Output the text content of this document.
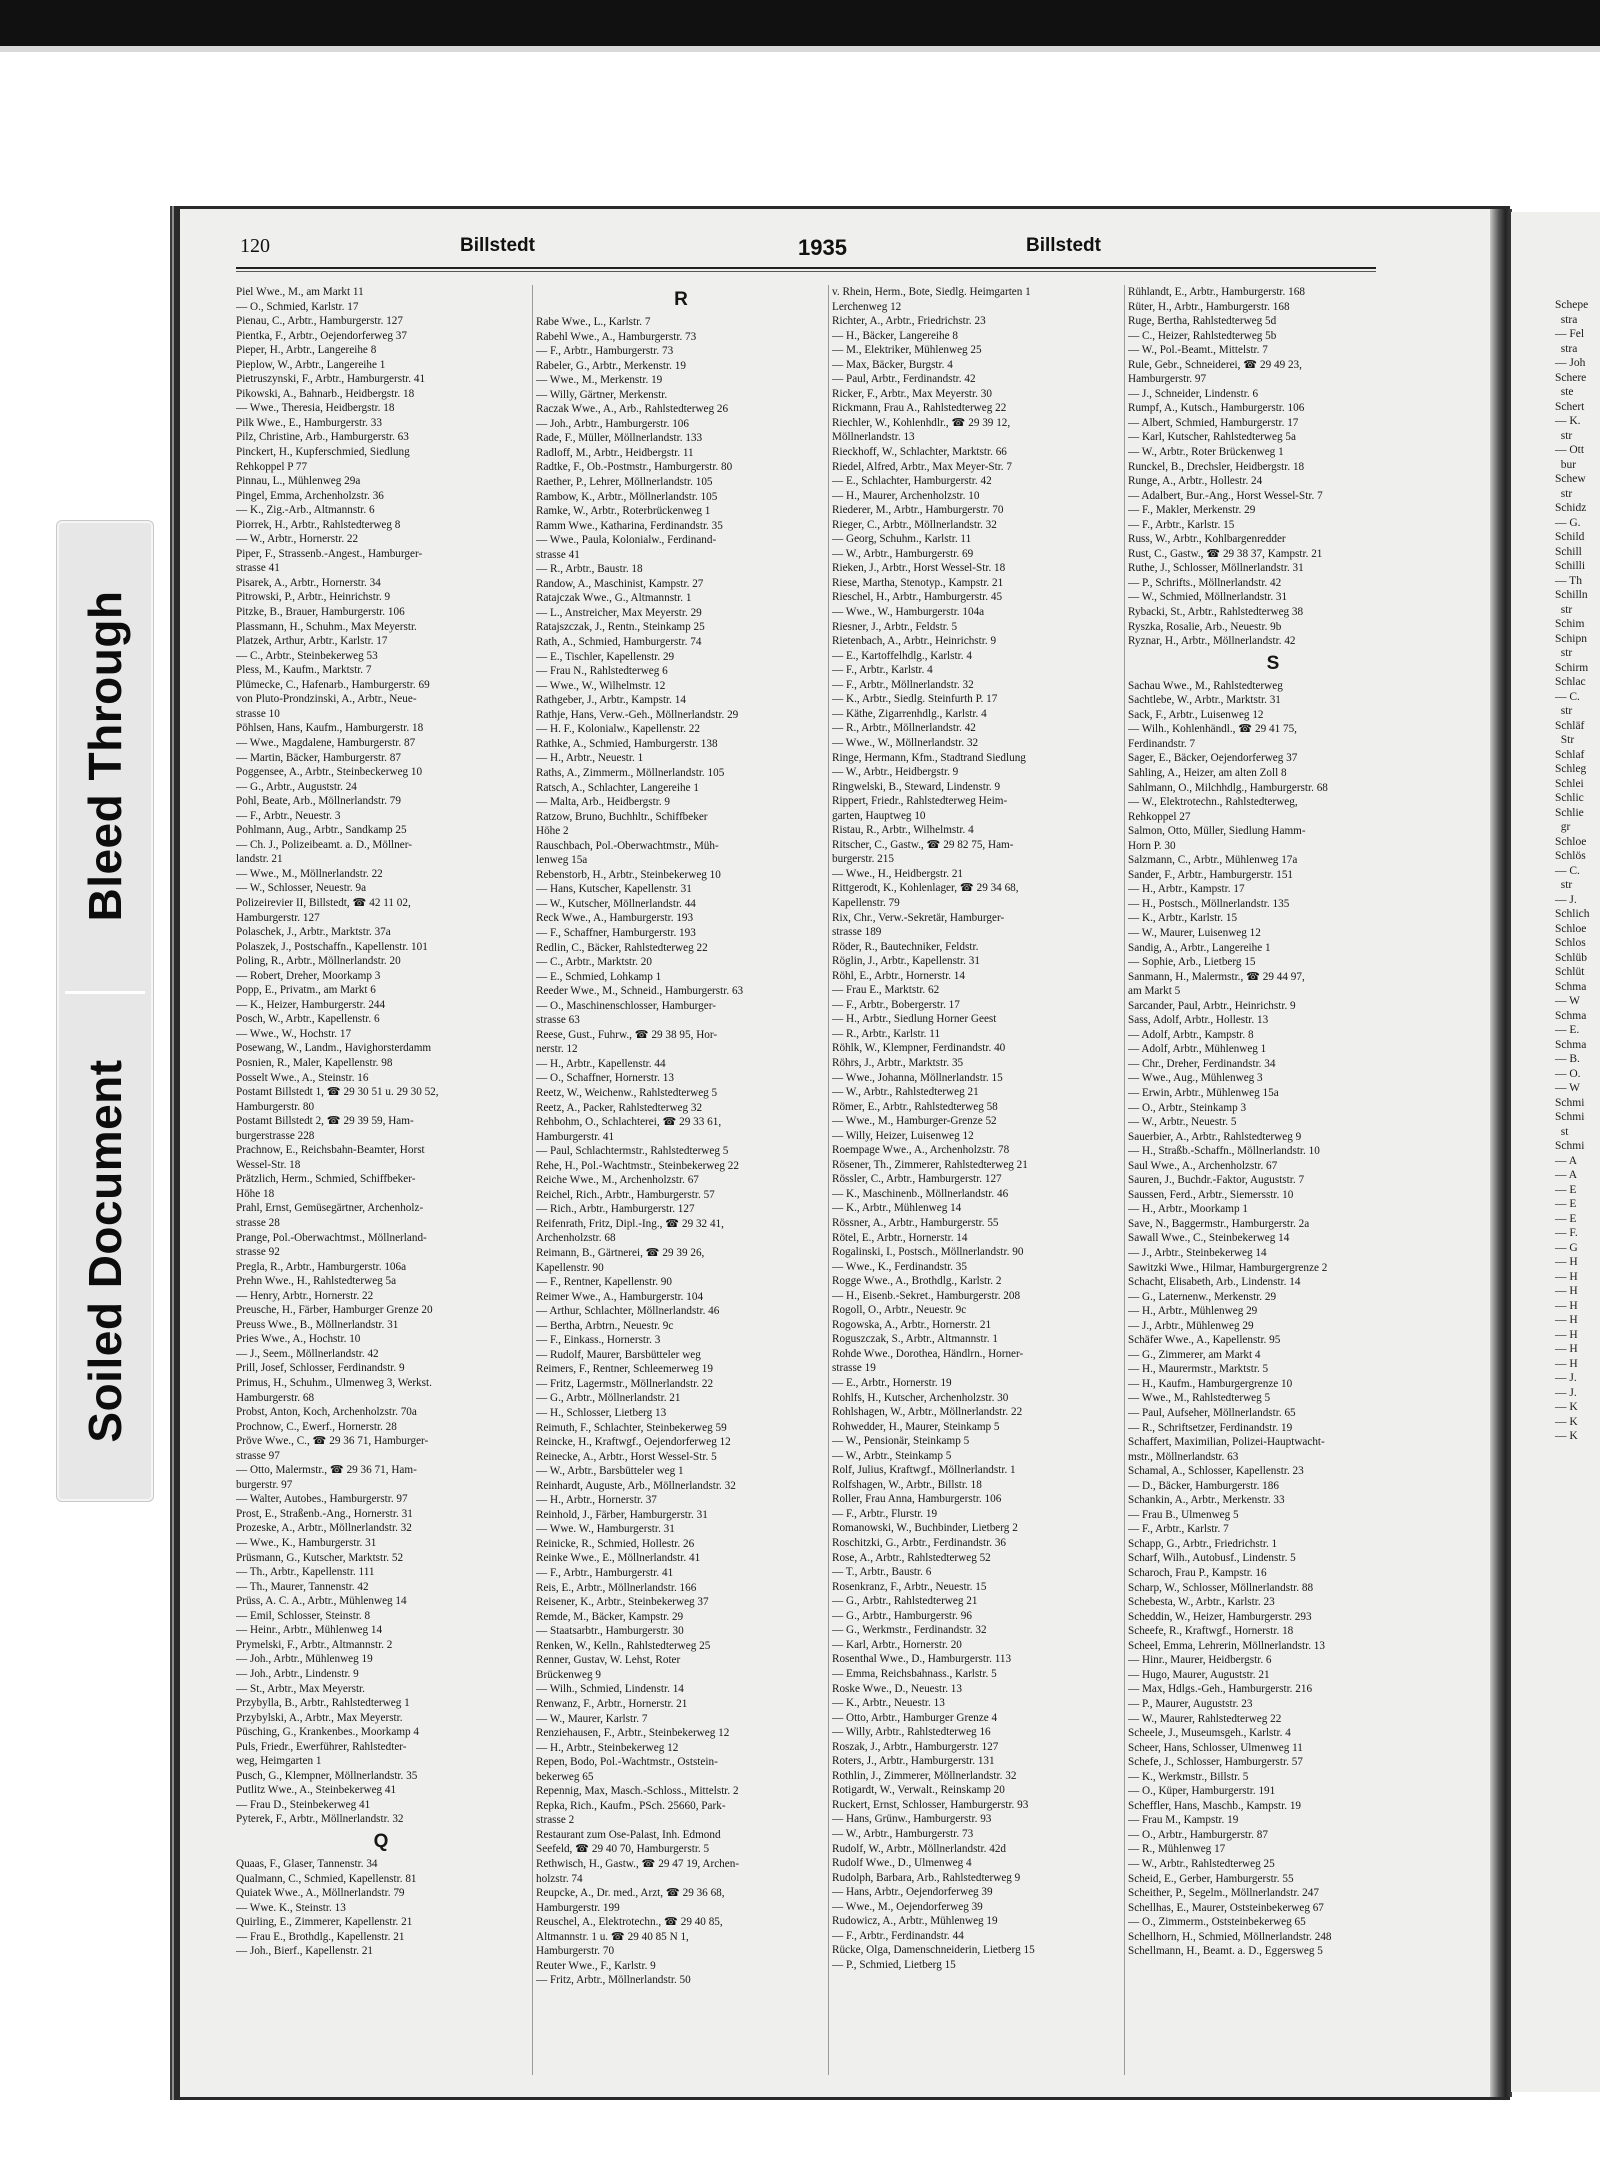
Bleed Through
Soiled Document
120	Billstedt	1935	Billstedt
Piel Wwe., M., am Markt 11
— O., Schmied, Karlstr. 17
Pienau, C., Arbtr., Hamburgerstr. 127
Pientka, F., Arbtr., Oejendorferweg 37
Pieper, H., Arbtr., Langereihe 8
Pieplow, W., Arbtr., Langereihe 1
Pietruszynski, F., Arbtr., Hamburgerstr. 41
Pikowski, A., Bahnarb., Heidbergstr. 18
— Wwe., Theresia, Heidbergstr. 18
Pilk Wwe., E., Hamburgerstr. 33
Pilz, Christine, Arb., Hamburgerstr. 63
Pinckert, H., Kupferschmied, Siedlung
Rehkoppel P 77
Pinnau, L., Mühlenweg 29a
Pingel, Emma, Archenholzstr. 36
— K., Zig.-Arb., Altmannstr. 6
Piorrek, H., Arbtr., Rahlstedterweg 8
— W., Arbtr., Hornerstr. 22
Piper, F., Strassenb.-Angest., Hamburger-
strasse 41
Pisarek, A., Arbtr., Hornerstr. 34
Pitrowski, P., Arbtr., Heinrichstr. 9
Pitzke, B., Brauer, Hamburgerstr. 106
Plassmann, H., Schuhm., Max Meyerstr.
Platzek, Arthur, Arbtr., Karlstr. 17
— C., Arbtr., Steinbekerweg 53
Pless, M., Kaufm., Marktstr. 7
Plümecke, C., Hafenarb., Hamburgerstr. 69
von Pluto-Prondzinski, A., Arbtr., Neue-
strasse 10
Pöhlsen, Hans, Kaufm., Hamburgerstr. 18
— Wwe., Magdalene, Hamburgerstr. 87
— Martin, Bäcker, Hamburgerstr. 87
Poggensee, A., Arbtr., Steinbeckerweg 10
— G., Arbtr., Auguststr. 24
Pohl, Beate, Arb., Möllnerlandstr. 79
— F., Arbtr., Neuestr. 3
Pohlmann, Aug., Arbtr., Sandkamp 25
— Ch. J., Polizeibeamt. a. D., Möllner-
landstr. 21
— Wwe., M., Möllnerlandstr. 22
— W., Schlosser, Neuestr. 9a
Polizeirevier II, Billstedt, ☎ 42 11 02,
Hamburgerstr. 127
Polaschek, J., Arbtr., Marktstr. 37a
Polaszek, J., Postschaffn., Kapellenstr. 101
Poling, R., Arbtr., Möllnerlandstr. 20
— Robert, Dreher, Moorkamp 3
Popp, E., Privatm., am Markt 6
— K., Heizer, Hamburgerstr. 244
Posch, W., Arbtr., Kapellenstr. 6
— Wwe., W., Hochstr. 17
Posewang, W., Landm., Havighorsterdamm
Posnien, R., Maler, Kapellenstr. 98
Posselt Wwe., A., Steinstr. 16
Postamt Billstedt 1, ☎ 29 30 51 u. 29 30 52,
Hamburgerstr. 80
Postamt Billstedt 2, ☎ 29 39 59, Ham-
burgerstrasse 228
Prachnow, E., Reichsbahn-Beamter, Horst
Wessel-Str. 18
Prätzlich, Herm., Schmied, Schiffbeker-
Höhe 18
Prahl, Ernst, Gemüsegärtner, Archenholz-
strasse 28
Prange, Pol.-Oberwachtmst., Möllnerland-
strasse 92
Pregla, R., Arbtr., Hamburgerstr. 106a
Prehn Wwe., H., Rahlstedterweg 5a
— Henry, Arbtr., Hornerstr. 22
Preusche, H., Färber, Hamburger Grenze 20
Preuss Wwe., B., Möllnerlandstr. 31
Pries Wwe., A., Hochstr. 10
— J., Seem., Möllnerlandstr. 42
Prill, Josef, Schlosser, Ferdinandstr. 9
Primus, H., Schuhm., Ulmenweg 3, Werkst.
Hamburgerstr. 68
Probst, Anton, Koch, Archenholzstr. 70a
Prochnow, C., Ewerf., Hornerstr. 28
Pröve Wwe., C., ☎ 29 36 71, Hamburger-
strasse 97
— Otto, Malermstr., ☎ 29 36 71, Ham-
burgerstr. 97
— Walter, Autobes., Hamburgerstr. 97
Prost, E., Straßenb.-Ang., Hornerstr. 31
Prozeske, A., Arbtr., Möllnerlandstr. 32
— Wwe., K., Hamburgerstr. 31
Prüsmann, G., Kutscher, Marktstr. 52
— Th., Arbtr., Kapellenstr. 111
— Th., Maurer, Tannenstr. 42
Prüss, A. C. A., Arbtr., Mühlenweg 14
— Emil, Schlosser, Steinstr. 8
— Heinr., Arbtr., Mühlenweg 14
Prymelski, F., Arbtr., Altmannstr. 2
— Joh., Arbtr., Mühlenweg 19
— Joh., Arbtr., Lindenstr. 9
— St., Arbtr., Max Meyerstr.
Przybylla, B., Arbtr., Rahlstedterweg 1
Przybylski, A., Arbtr., Max Meyerstr.
Püsching, G., Krankenbes., Moorkamp 4
Puls, Friedr., Ewerführer, Rahlstedter-
weg, Heimgarten 1
Pusch, G., Klempner, Möllnerlandstr. 35
Putlitz Wwe., A., Steinbekerweg 41
— Frau D., Steinbekerweg 41
Pyterek, F., Arbtr., Möllnerlandstr. 32
Q
Quaas, F., Glaser, Tannenstr. 34
Qualmann, C., Schmied, Kapellenstr. 81
Quiatek Wwe., A., Möllnerlandstr. 79
— Wwe. K., Steinstr. 13
Quirling, E., Zimmerer, Kapellenstr. 21
— Frau E., Brothdlg., Kapellenstr. 21
— Joh., Bierf., Kapellenstr. 21
R
Rabe Wwe., L., Karlstr. 7
Rabehl Wwe., A., Hamburgerstr. 73
— F., Arbtr., Hamburgerstr. 73
Rabeler, G., Arbtr., Merkenstr. 19
— Wwe., M., Merkenstr. 19
— Willy, Gärtner, Merkenstr.
Raczak Wwe., A., Arb., Rahlstedterweg 26
— Joh., Arbtr., Hamburgerstr. 106
Rade, F., Müller, Möllnerlandstr. 133
Radloff, M., Arbtr., Heidbergstr. 11
Radtke, F., Ob.-Postmstr., Hamburgerstr. 80
Raether, P., Lehrer, Möllnerlandstr. 105
Rambow, K., Arbtr., Möllnerlandstr. 105
Ramke, W., Arbtr., Roterbrückenweg 1
Ramm Wwe., Katharina, Ferdinandstr. 35
— Wwe., Paula, Kolonialw., Ferdinand-
strasse 41
— R., Arbtr., Baustr. 18
Randow, A., Maschinist, Kampstr. 27
Ratajczak Wwe., G., Altmannstr. 1
— L., Anstreicher, Max Meyerstr. 29
Ratajszczak, J., Rentn., Steinkamp 25
Rath, A., Schmied, Hamburgerstr. 74
— E., Tischler, Kapellenstr. 29
— Frau N., Rahlstedterweg 6
— Wwe., W., Wilhelmstr. 12
Rathgeber, J., Arbtr., Kampstr. 14
Rathje, Hans, Verw.-Geh., Möllnerlandstr. 29
— H. F., Kolonialw., Kapellenstr. 22
Rathke, A., Schmied, Hamburgerstr. 138
— H., Arbtr., Neuestr. 1
Raths, A., Zimmerm., Möllnerlandstr. 105
Ratsch, A., Schlachter, Langereihe 1
— Malta, Arb., Heidbergstr. 9
Ratzow, Bruno, Buchhltr., Schiffbeker
Höhe 2
Rauschbach, Pol.-Oberwachtmstr., Müh-
lenweg 15a
Rebenstorb, H., Arbtr., Steinbekerweg 10
— Hans, Kutscher, Kapellenstr. 31
— W., Kutscher, Möllnerlandstr. 44
Reck Wwe., A., Hamburgerstr. 193
— F., Schaffner, Hamburgerstr. 193
Redlin, C., Bäcker, Rahlstedterweg 22
— C., Arbtr., Marktstr. 20
— E., Schmied, Lohkamp 1
Reeder Wwe., M., Schneid., Hamburgerstr. 63
— O., Maschinenschlosser, Hamburger-
strasse 63
Reese, Gust., Fuhrw., ☎ 29 38 95, Hor-
nerstr. 12
— H., Arbtr., Kapellenstr. 44
— O., Schaffner, Hornerstr. 13
Reetz, W., Weichenw., Rahlstedterweg 5
Reetz, A., Packer, Rahlstedterweg 32
Rehbohm, O., Schlachterei, ☎ 29 33 61,
Hamburgerstr. 41
— Paul, Schlachtermstr., Rahlstedterweg 5
Rehe, H., Pol.-Wachtmstr., Steinbekerweg 22
Reiche Wwe., M., Archenholzstr. 67
Reichel, Rich., Arbtr., Hamburgerstr. 57
— Rich., Arbtr., Hamburgerstr. 127
Reifenrath, Fritz, Dipl.-Ing., ☎ 29 32 41,
Archenholzstr. 68
Reimann, B., Gärtnerei, ☎ 29 39 26,
Kapellenstr. 90
— F., Rentner, Kapellenstr. 90
Reimer Wwe., A., Hamburgerstr. 104
— Arthur, Schlachter, Möllnerlandstr. 46
— Bertha, Arbtrn., Neuestr. 9c
— F., Einkass., Hornerstr. 3
— Rudolf, Maurer, Barsbütteler weg
Reimers, F., Rentner, Schleemerweg 19
— Fritz, Lagermstr., Möllnerlandstr. 22
— G., Arbtr., Möllnerlandstr. 21
— H., Schlosser, Lietberg 13
Reimuth, F., Schlachter, Steinbekerweg 59
Reincke, H., Kraftwgf., Oejendorferweg 12
Reinecke, A., Arbtr., Horst Wessel-Str. 5
— W., Arbtr., Barsbütteler weg 1
Reinhardt, Auguste, Arb., Möllnerlandstr. 32
— H., Arbtr., Hornerstr. 37
Reinhold, J., Färber, Hamburgerstr. 31
— Wwe. W., Hamburgerstr. 31
Reinicke, R., Schmied, Hollestr. 26
Reinke Wwe., E., Möllnerlandstr. 41
— F., Arbtr., Hamburgerstr. 41
Reis, E., Arbtr., Möllnerlandstr. 166
Reisener, K., Arbtr., Steinbekerweg 37
Remde, M., Bäcker, Kampstr. 29
— Staatsarbtr., Hamburgerstr. 30
Renken, W., Kelln., Rahlstedterweg 25
Renner, Gustav, W. Lehst, Roter
Brückenweg 9
— Wilh., Schmied, Lindenstr. 14
Renwanz, F., Arbtr., Hornerstr. 21
— W., Maurer, Karlstr. 7
Renziehausen, F., Arbtr., Steinbekerweg 12
— H., Arbtr., Steinbekerweg 12
Repen, Bodo, Pol.-Wachtmstr., Oststein-
bekerweg 65
Repennig, Max, Masch.-Schloss., Mittelstr. 2
Repka, Rich., Kaufm., PSch. 25660, Park-
strasse 2
Restaurant zum Ose-Palast, Inh. Edmond
Seefeld, ☎ 29 40 70, Hamburgerstr. 5
Rethwisch, H., Gastw., ☎ 29 47 19, Archen-
holzstr. 74
Reupcke, A., Dr. med., Arzt, ☎ 29 36 68,
Hamburgerstr. 199
Reuschel, A., Elektrotechn., ☎ 29 40 85,
Altmannstr. 1 u. ☎ 29 40 85 N 1,
Hamburgerstr. 70
Reuter Wwe., F., Karlstr. 9
— Fritz, Arbtr., Möllnerlandstr. 50
v. Rhein, Herm., Bote, Siedlg. Heimgarten 1
Lerchenweg 12
Richter, A., Arbtr., Friedrichstr. 23
— H., Bäcker, Langereihe 8
— M., Elektriker, Mühlenweg 25
— Max, Bäcker, Burgstr. 4
— Paul, Arbtr., Ferdinandstr. 42
Ricker, F., Arbtr., Max Meyerstr. 30
Rickmann, Frau A., Rahlstedterweg 22
Riechler, W., Kohlenhdlr., ☎ 29 39 12,
Möllnerlandstr. 13
Rieckhoff, W., Schlachter, Marktstr. 66
Riedel, Alfred, Arbtr., Max Meyer-Str. 7
— E., Schlachter, Hamburgerstr. 42
— H., Maurer, Archenholzstr. 10
Riederer, M., Arbtr., Hamburgerstr. 70
Rieger, C., Arbtr., Möllnerlandstr. 32
— Georg, Schuhm., Karlstr. 11
— W., Arbtr., Hamburgerstr. 69
Rieken, J., Arbtr., Horst Wessel-Str. 18
Riese, Martha, Stenotyp., Kampstr. 21
Rieschel, H., Arbtr., Hamburgerstr. 45
— Wwe., W., Hamburgerstr. 104a
Riesner, J., Arbtr., Feldstr. 5
Rietenbach, A., Arbtr., Heinrichstr. 9
— E., Kartoffelhdlg., Karlstr. 4
— F., Arbtr., Karlstr. 4
— F., Arbtr., Möllnerlandstr. 32
— K., Arbtr., Siedlg. Steinfurth P. 17
— Käthe, Zigarrenhdlg., Karlstr. 4
— R., Arbtr., Möllnerlandstr. 42
— Wwe., W., Möllnerlandstr. 32
Ringe, Hermann, Kfm., Stadtrand Siedlung
— W., Arbtr., Heidbergstr. 9
Ringwelski, B., Steward, Lindenstr. 9
Rippert, Friedr., Rahlstedterweg Heim-
garten, Hauptweg 10
Ristau, R., Arbtr., Wilhelmstr. 4
Ritscher, C., Gastw., ☎ 29 82 75, Ham-
burgerstr. 215
— Wwe., H., Heidbergstr. 21
Rittgerodt, K., Kohlenlager, ☎ 29 34 68,
Kapellenstr. 79
Rix, Chr., Verw.-Sekretär, Hamburger-
strasse 189
Röder, R., Bautechniker, Feldstr.
Röglin, J., Arbtr., Kapellenstr. 31
Röhl, E., Arbtr., Hornerstr. 14
— Frau E., Marktstr. 62
— F., Arbtr., Bobergerstr. 17
— H., Arbtr., Siedlung Horner Geest
— R., Arbtr., Karlstr. 11
Röhlk, W., Klempner, Ferdinandstr. 40
Röhrs, J., Arbtr., Marktstr. 35
— Wwe., Johanna, Möllnerlandstr. 15
— W., Arbtr., Rahlstedterweg 21
Römer, E., Arbtr., Rahlstedterweg 58
— Wwe., M., Hamburger-Grenze 52
— Willy, Heizer, Luisenweg 12
Roempage Wwe., A., Archenholzstr. 78
Rösener, Th., Zimmerer, Rahlstedterweg 21
Rössler, C., Arbtr., Hamburgerstr. 127
— K., Maschinenb., Möllnerlandstr. 46
— K., Arbtr., Mühlenweg 14
Rössner, A., Arbtr., Hamburgerstr. 55
Rötel, E., Arbtr., Hornerstr. 14
Rogalinski, I., Postsch., Möllnerlandstr. 90
— Wwe., K., Ferdinandstr. 35
Rogge Wwe., A., Brothdlg., Karlstr. 2
— H., Eisenb.-Sekret., Hamburgerstr. 208
Rogoll, O., Arbtr., Neuestr. 9c
Rogowska, A., Arbtr., Hornerstr. 21
Roguszczak, S., Arbtr., Altmannstr. 1
Rohde Wwe., Dorothea, Händlrn., Horner-
strasse 19
— E., Arbtr., Hornerstr. 19
Rohlfs, H., Kutscher, Archenholzstr. 30
Rohlshagen, W., Arbtr., Möllnerlandstr. 22
Rohwedder, H., Maurer, Steinkamp 5
— W., Pensionär, Steinkamp 5
— W., Arbtr., Steinkamp 5
Rolf, Julius, Kraftwgf., Möllnerlandstr. 1
Rolfshagen, W., Arbtr., Billstr. 18
Roller, Frau Anna, Hamburgerstr. 106
— F., Arbtr., Flurstr. 19
Romanowski, W., Buchbinder, Lietberg 2
Roschitzki, G., Arbtr., Ferdinandstr. 36
Rose, A., Arbtr., Rahlstedterweg 52
— T., Arbtr., Baustr. 6
Rosenkranz, F., Arbtr., Neuestr. 15
— G., Arbtr., Rahlstedterweg 21
— G., Arbtr., Hamburgerstr. 96
— G., Werkmstr., Ferdinandstr. 32
— Karl, Arbtr., Hornerstr. 20
Rosenthal Wwe., D., Hamburgerstr. 113
— Emma, Reichsbahnass., Karlstr. 5
Roske Wwe., D., Neuestr. 13
— K., Arbtr., Neuestr. 13
— Otto, Arbtr., Hamburger Grenze 4
— Willy, Arbtr., Rahlstedterweg 16
Roszak, J., Arbtr., Hamburgerstr. 127
Roters, J., Arbtr., Hamburgerstr. 131
Rothlin, J., Zimmerer, Möllnerlandstr. 32
Rotigardt, W., Verwalt., Reinskamp 20
Ruckert, Ernst, Schlosser, Hamburgerstr. 93
— Hans, Grünw., Hamburgerstr. 93
— W., Arbtr., Hamburgerstr. 73
Rudolf, W., Arbtr., Möllnerlandstr. 42d
Rudolf Wwe., D., Ulmenweg 4
Rudolph, Barbara, Arb., Rahlstedterweg 9
— Hans, Arbtr., Oejendorferweg 39
— Wwe., M., Oejendorferweg 39
Rudowicz, A., Arbtr., Mühlenweg 19
— F., Arbtr., Ferdinandstr. 44
Rücke, Olga, Damenschneiderin, Lietberg 15
— P., Schmied, Lietberg 15
Rühlandt, E., Arbtr., Hamburgerstr. 168
Rüter, H., Arbtr., Hamburgerstr. 168
Ruge, Bertha, Rahlstedterweg 5d
— C., Heizer, Rahlstedterweg 5b
— W., Pol.-Beamt., Mittelstr. 7
Rule, Gebr., Schneiderei, ☎ 29 49 23,
Hamburgerstr. 97
— J., Schneider, Lindenstr. 6
Rumpf, A., Kutsch., Hamburgerstr. 106
— Albert, Schmied, Hamburgerstr. 17
— Karl, Kutscher, Rahlstedterweg 5a
— W., Arbtr., Roter Brückenweg 1
Runckel, B., Drechsler, Heidbergstr. 18
Runge, A., Arbtr., Hollestr. 24
— Adalbert, Bur.-Ang., Horst Wessel-Str. 7
— F., Makler, Merkenstr. 29
— F., Arbtr., Karlstr. 15
Russ, W., Arbtr., Kohlbargenredder
Rust, C., Gastw., ☎ 29 38 37, Kampstr. 21
Ruthe, J., Schlosser, Möllnerlandstr. 31
— P., Schrifts., Möllnerlandstr. 42
— W., Schmied, Möllnerlandstr. 31
Rybacki, St., Arbtr., Rahlstedterweg 38
Ryszka, Rosalie, Arb., Neuestr. 9b
Ryznar, H., Arbtr., Möllnerlandstr. 42
S
Sachau Wwe., M., Rahlstedterweg
Sachtlebe, W., Arbtr., Marktstr. 31
Sack, F., Arbtr., Luisenweg 12
— Wilh., Kohlenhändl., ☎ 29 41 75,
Ferdinandstr. 7
Sager, E., Bäcker, Oejendorferweg 37
Sahling, A., Heizer, am alten Zoll 8
Sahlmann, O., Milchhdlg., Hamburgerstr. 68
— W., Elektrotechn., Rahlstedterweg,
Rehkoppel 27
Salmon, Otto, Müller, Siedlung Hamm-
Horn P. 30
Salzmann, C., Arbtr., Mühlenweg 17a
Sander, F., Arbtr., Hamburgerstr. 151
— H., Arbtr., Kampstr. 17
— H., Postsch., Möllnerlandstr. 135
— K., Arbtr., Karlstr. 15
— W., Maurer, Luisenweg 12
Sandig, A., Arbtr., Langereihe 1
— Sophie, Arb., Lietberg 15
Sanmann, H., Malermstr., ☎ 29 44 97,
am Markt 5
Sarcander, Paul, Arbtr., Heinrichstr. 9
Sass, Adolf, Arbtr., Hollestr. 13
— Adolf, Arbtr., Kampstr. 8
— Adolf, Arbtr., Mühlenweg 1
— Chr., Dreher, Ferdinandstr. 34
— Wwe., Aug., Mühlenweg 3
— Erwin, Arbtr., Mühlenweg 15a
— O., Arbtr., Steinkamp 3
— W., Arbtr., Neuestr. 5
Sauerbier, A., Arbtr., Rahlstedterweg 9
— H., Straßb.-Schaffn., Möllnerlandstr. 10
Saul Wwe., A., Archenholzstr. 67
Sauren, J., Buchdr.-Faktor, Auguststr. 7
Saussen, Ferd., Arbtr., Siemersstr. 10
— H., Arbtr., Moorkamp 1
Save, N., Baggermstr., Hamburgerstr. 2a
Sawall Wwe., C., Steinbekerweg 14
— J., Arbtr., Steinbekerweg 14
Sawitzki Wwe., Hilmar, Hamburgergrenze 2
Schacht, Elisabeth, Arb., Lindenstr. 14
— G., Laternenw., Merkenstr. 29
— H., Arbtr., Mühlenweg 29
— J., Arbtr., Mühlenweg 29
Schäfer Wwe., A., Kapellenstr. 95
— G., Zimmerer, am Markt 4
— H., Maurermstr., Marktstr. 5
— H., Kaufm., Hamburgergrenze 10
— Wwe., M., Rahlstedterweg 5
— Paul, Aufseher, Möllnerlandstr. 65
— R., Schriftsetzer, Ferdinandstr. 19
Schaffert, Maximilian, Polizei-Hauptwacht-
mstr., Möllnerlandstr. 63
Schamal, A., Schlosser, Kapellenstr. 23
— D., Bäcker, Hamburgerstr. 186
Schankin, A., Arbtr., Merkenstr. 33
— Frau B., Ulmenweg 5
— F., Arbtr., Karlstr. 7
Schapp, G., Arbtr., Friedrichstr. 1
Scharf, Wilh., Autobusf., Lindenstr. 5
Scharoch, Frau P., Kampstr. 16
Scharp, W., Schlosser, Möllnerlandstr. 88
Schebesta, W., Arbtr., Karlstr. 23
Scheddin, W., Heizer, Hamburgerstr. 293
Scheefe, R., Kraftwgf., Hornerstr. 18
Scheel, Emma, Lehrerin, Möllnerlandstr. 13
— Hinr., Maurer, Heidbergstr. 6
— Hugo, Maurer, Auguststr. 21
— Max, Hdlgs.-Geh., Hamburgerstr. 216
— P., Maurer, Auguststr. 23
— W., Maurer, Rahlstedterweg 22
Scheele, J., Museumsgeh., Karlstr. 4
Scheer, Hans, Schlosser, Ulmenweg 11
Schefe, J., Schlosser, Hamburgerstr. 57
— K., Werkmstr., Billstr. 5
— O., Küper, Hamburgerstr. 191
Scheffler, Hans, Maschb., Kampstr. 19
— Frau M., Kampstr. 19
— O., Arbtr., Hamburgerstr. 87
— R., Mühlenweg 17
— W., Arbtr., Rahlstedterweg 25
Scheid, E., Gerber, Hamburgerstr. 55
Scheither, P., Segelm., Möllnerlandstr. 247
Schellhas, E., Maurer, Oststeinbekerweg 67
— O., Zimmerm., Oststeinbekerweg 65
Schellhorn, H., Schmied, Möllnerlandstr. 248
Schellmann, H., Beamt. a. D., Eggersweg 5
Schepe
stra
— Fel
stra
— Joh
Schere
ste
Schert
— K.
str
— Ott
bur
Schew
str
Schidz
— G.
Schild
Schill
Schilli
— Th
Schilln
str
Schim
Schipn
str
Schirm
Schlac
— C.
str
Schläf
Str
Schlaf
Schleg
Schlei
Schlic
Schlie
gr
Schloe
Schlös
— C.
str
— J.
Schlich
Schloe
Schlos
Schlüb
Schlüt
Schma
— W
Schma
— E.
Schma
— B.
— O.
— W
Schmi
Schmi
st
Schmi
— A
— A
— E
— E
— E
— F.
— G
— H
— H
— H
— H
— H
— H
— H
— H
— J.
— J.
— K
— K
— K
